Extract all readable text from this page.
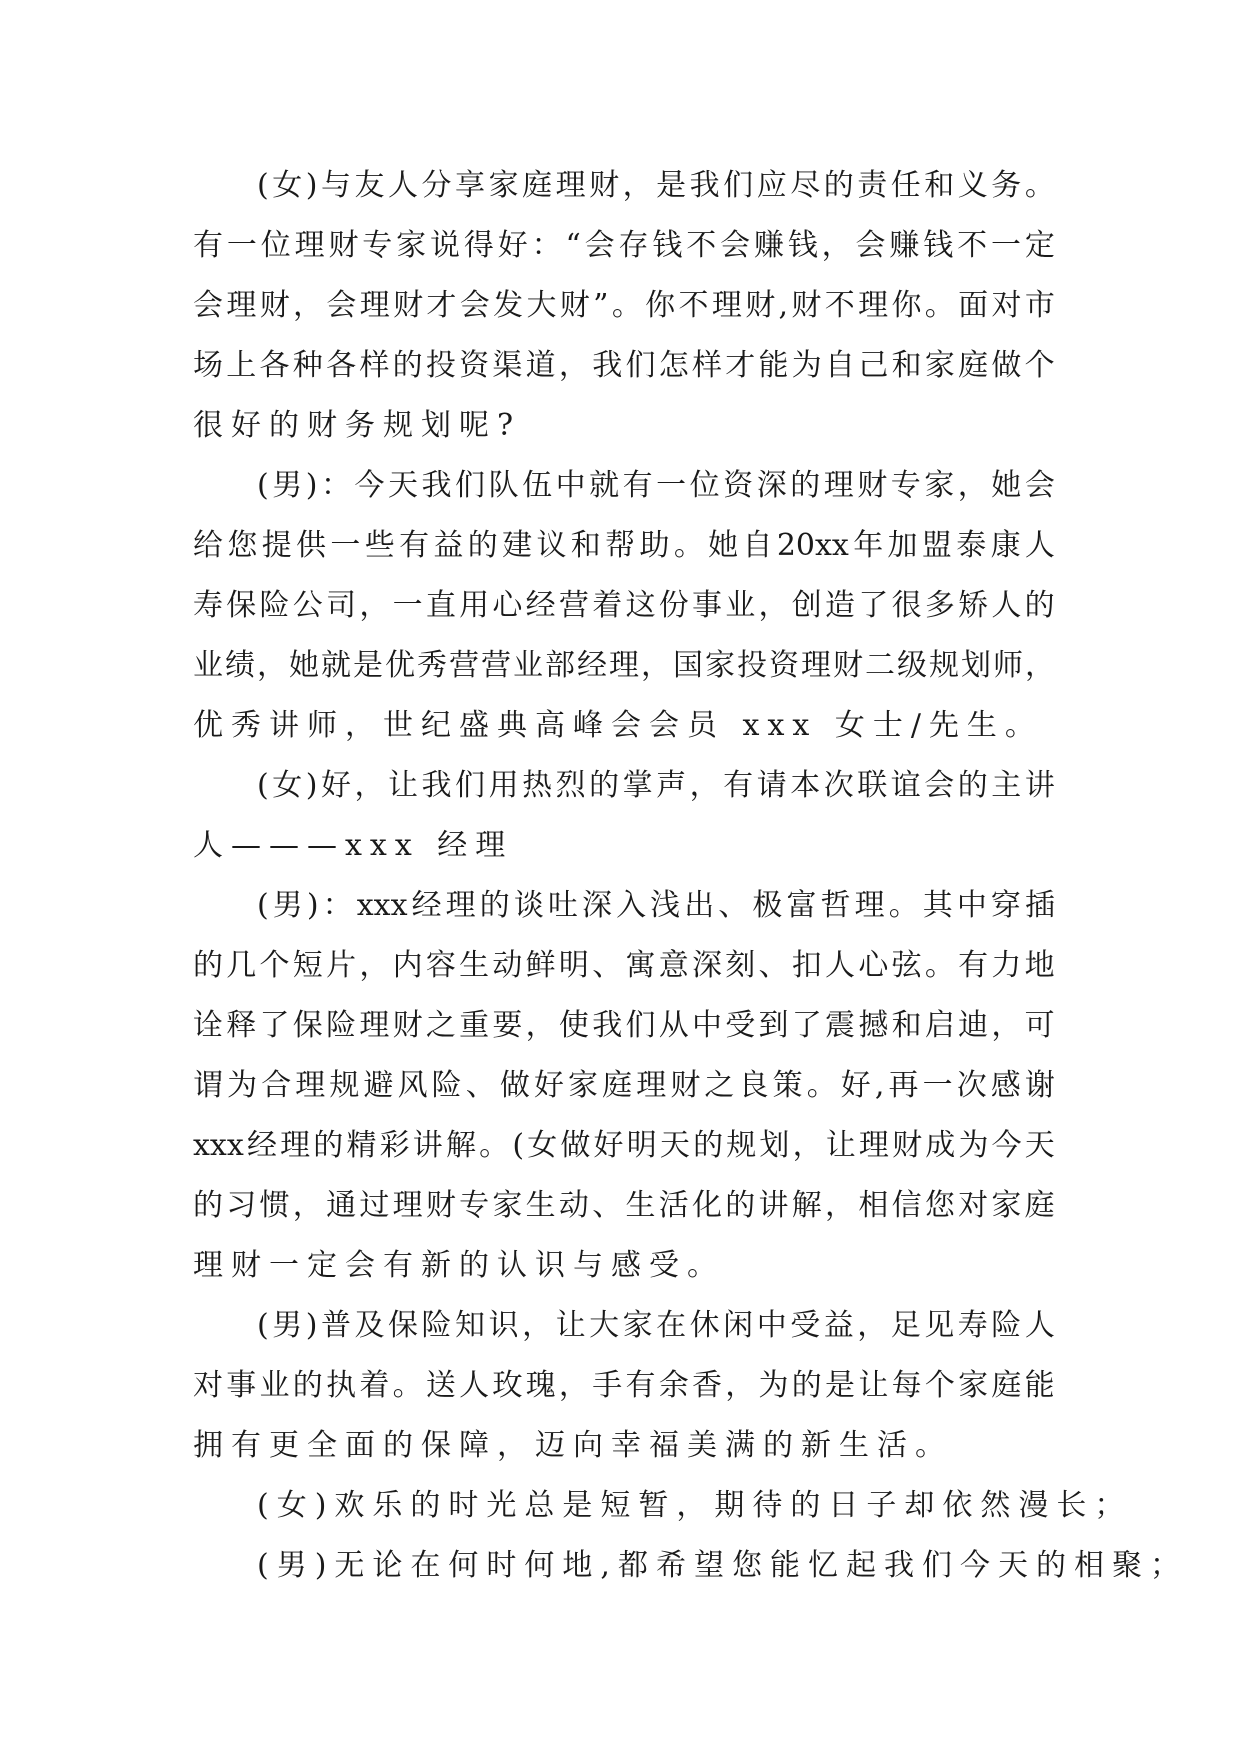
( 女 ) 与 友 人 分 享 家 庭 理 财 ， 是 我 们 应 尽 的 责 任 和 义 务 。
有 一 位 理 财 专 家 说 得 好 ： “ 会 存 钱 不 会 赚 钱 ， 会 赚 钱 不 一 定
会 理 财 ， 会 理 财 才 会 发 大 财 ” 。 你 不 理 财 , 财 不 理 你 。 面 对 市
场 上 各 种 各 样 的 投 资 渠 道 ， 我 们 怎 样 才 能 为 自 己 和 家 庭 做 个
很好的财务规划呢?
( 男 ) ： 今 天 我 们 队 伍 中 就 有 一 位 资 深 的 理 财 专 家 ， 她 会
给 您 提 供 一 些 有 益 的 建 议 和 帮 助 。 她 自 20xx 年 加 盟 泰 康 人
寿 保 险 公 司 ， 一 直 用 心 经 营 着 这 份 事 业 ， 创 造 了 很 多 矫 人 的
业 绩 ， 她 就 是 优 秀 营 营 业 部 经 理 ， 国 家 投 资 理 财 二 级 规 划 师 ，
优秀讲师，世纪盛典高峰会会员 xxx 女士/先生。
( 女 ) 好 ， 让 我 们 用 热 烈 的 掌 声 ， 有 请 本 次 联 谊 会 的 主 讲
人———xxx 经理
( 男 ) ： xxx 经 理 的 谈 吐 深 入 浅 出 、 极 富 哲 理 。 其 中 穿 插
的 几 个 短 片 ， 内 容 生 动 鲜 明 、 寓 意 深 刻 、 扣 人 心 弦 。 有 力 地
诠 释 了 保 险 理 财 之 重 要 ， 使 我 们 从 中 受 到 了 震 撼 和 启 迪 ， 可
谓 为 合 理 规 避 风 险 、 做 好 家 庭 理 财 之 良 策 。 好 , 再 一 次 感 谢
xxx 经 理 的 精 彩 讲 解 。 ( 女 做 好 明 天 的 规 划 ， 让 理 财 成 为 今 天
的 习 惯 ， 通 过 理 财 专 家 生 动 、 生 活 化 的 讲 解 ， 相 信 您 对 家 庭
理财一定会有新的认识与感受。
( 男 ) 普 及 保 险 知 识 ， 让 大 家 在 休 闲 中 受 益 ， 足 见 寿 险 人
对 事 业 的 执 着 。 送 人 玫 瑰 ， 手 有 余 香 ， 为 的 是 让 每 个 家 庭 能
拥有更全面的保障，迈向幸福美满的新生活。
(女)欢乐的时光总是短暂，期待的日子却依然漫长；
(男)无论在何时何地,都希望您能忆起我们今天的相聚；
